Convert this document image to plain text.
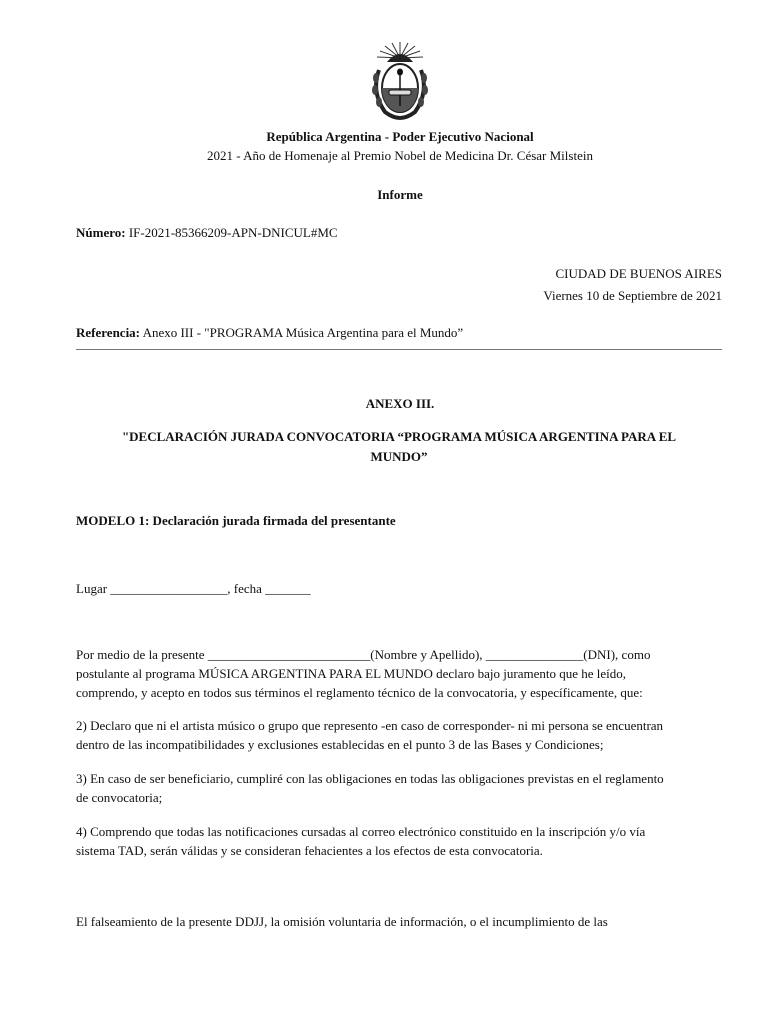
República Argentina - Poder Ejecutivo Nacional
2021 - Año de Homenaje al Premio Nobel de Medicina Dr. César Milstein
Informe
Número: IF-2021-85366209-APN-DNICUL#MC
CIUDAD DE BUENOS AIRES
Viernes 10 de Septiembre de 2021
Referencia: Anexo III - "PROGRAMA Música Argentina para el Mundo”
ANEXO III.
"DECLARACIÓN JURADA CONVOCATORIA “PROGRAMA MÚSICA ARGENTINA PARA EL
MUNDO”
MODELO 1: Declaración jurada firmada del presentante
Lugar __________________, fecha _______
Por medio de la presente _________________________(Nombre y Apellido), _______________(DNI), como
postulante al programa MÚSICA ARGENTINA PARA EL MUNDO declaro bajo juramento que he leído,
comprendo, y acepto en todos sus términos el reglamento técnico de la convocatoria, y específicamente, que:
2) Declaro que ni el artista músico o grupo que represento -en caso de corresponder- ni mi persona se encuentran
dentro de las incompatibilidades y exclusiones establecidas en el punto 3 de las Bases y Condiciones;
3) En caso de ser beneficiario, cumpliré con las obligaciones en todas las obligaciones previstas en el reglamento
de convocatoria;
4) Comprendo que todas las notificaciones cursadas al correo electrónico constituido en la inscripción y/o vía
sistema TAD, serán válidas y se consideran fehacientes a los efectos de esta convocatoria.
El falseamiento de la presente DDJJ, la omisión voluntaria de información, o el incumplimiento de las
